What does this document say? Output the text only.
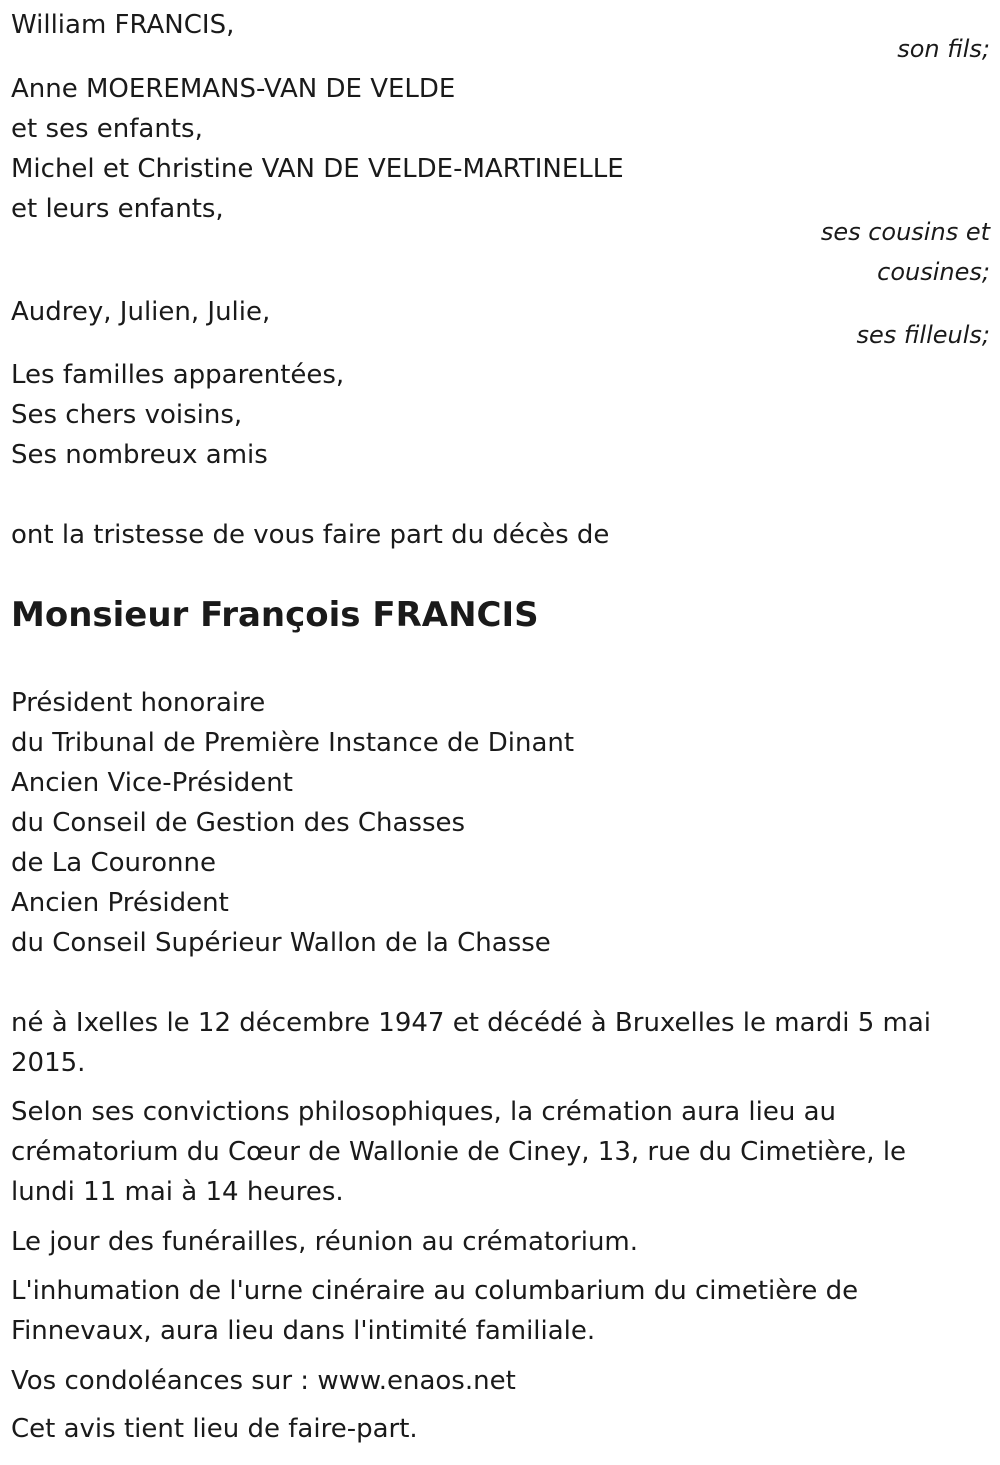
William FRANCIS,
son fils;
Anne MOEREMANS-VAN DE VELDE
et ses enfants,
Michel et Christine VAN DE VELDE-MARTINELLE
et leurs enfants,
ses cousins et
cousines;
Audrey, Julien, Julie,
ses filleuls;
Les familles apparentées,
Ses chers voisins,
Ses nombreux amis
ont la tristesse de vous faire part du décès de
Monsieur François FRANCIS
Président honoraire
du Tribunal de Première Instance de Dinant
Ancien Vice-Président
du Conseil de Gestion des Chasses
de La Couronne
Ancien Président
du Conseil Supérieur Wallon de la Chasse
né à Ixelles le 12 décembre 1947 et décédé à Bruxelles le mardi 5 mai
2015.
Selon ses convictions philosophiques, la crémation aura lieu au
crématorium du Cœur de Wallonie de Ciney, 13, rue du Cimetière, le
lundi 11 mai à 14 heures.
Le jour des funérailles, réunion au crématorium.
L'inhumation de l'urne cinéraire au columbarium du cimetière de
Finnevaux, aura lieu dans l'intimité familiale.
Vos condoléances sur : www.enaos.net
Cet avis tient lieu de faire-part.
